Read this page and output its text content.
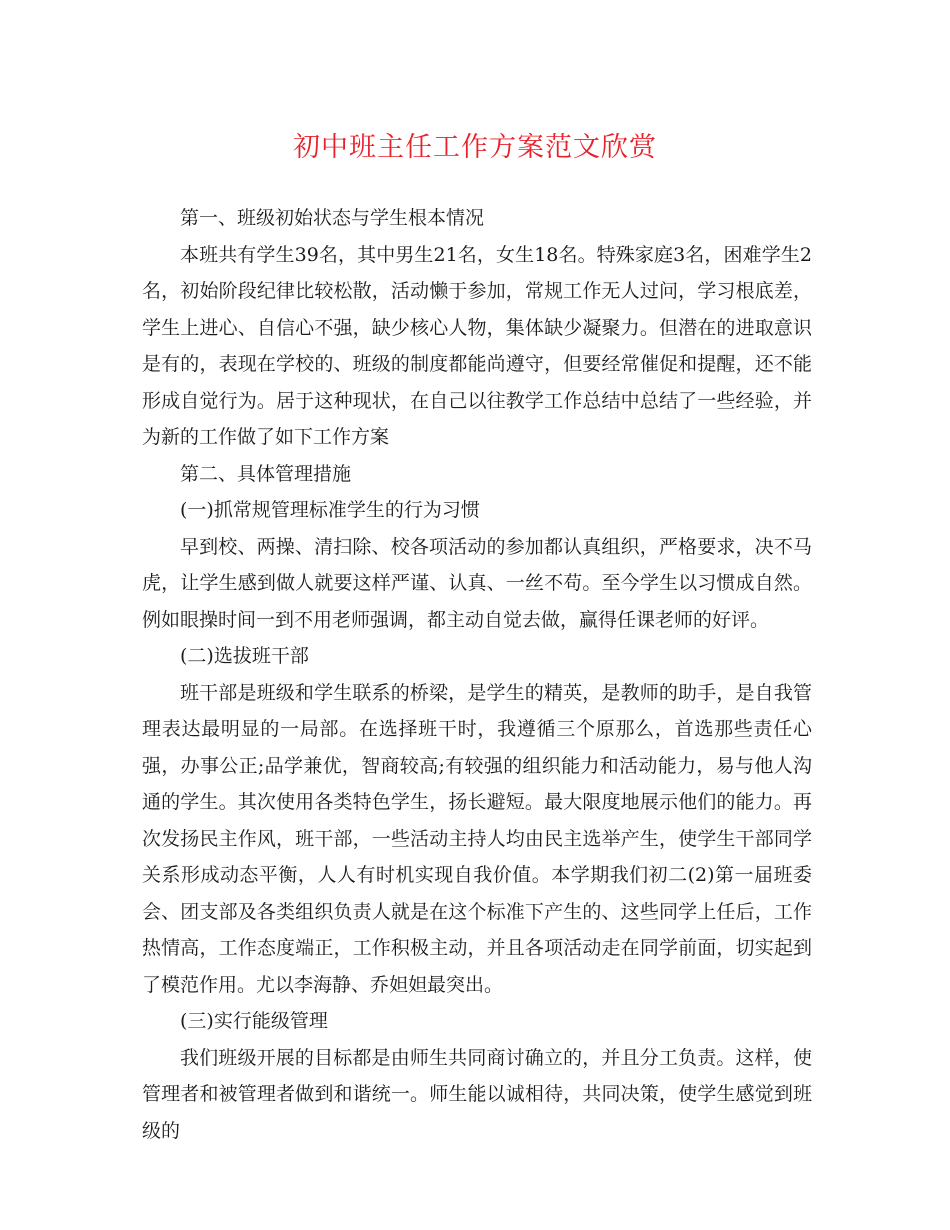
初中班主任工作方案范文欣赏

第一、班级初始状态与学生根本情况

本班共有学生39名，其中男生21名，女生18名。特殊家庭3名，困难学生2名，初始阶段纪律比较松散，活动懒于参加，常规工作无人过问，学习根底差，学生上进心、自信心不强，缺少核心人物，集体缺少凝聚力。但潜在的进取意识是有的，表现在学校的、班级的制度都能尚遵守，但要经常催促和提醒，还不能形成自觉行为。居于这种现状，在自己以往教学工作总结中总结了一些经验，并为新的工作做了如下工作方案

第二、具体管理措施

(一)抓常规管理标准学生的行为习惯

早到校、两操、清扫除、校各项活动的参加都认真组织，严格要求，决不马虎，让学生感到做人就要这样严谨、认真、一丝不苟。至今学生以习惯成自然。例如眼操时间一到不用老师强调，都主动自觉去做，赢得任课老师的好评。

(二)选拔班干部

班干部是班级和学生联系的桥梁，是学生的精英，是教师的助手，是自我管理表达最明显的一局部。在选择班干时，我遵循三个原那么，首选那些责任心强，办事公正;品学兼优，智商较高;有较强的组织能力和活动能力，易与他人沟通的学生。其次使用各类特色学生，扬长避短。最大限度地展示他们的能力。再次发扬民主作风，班干部，一些活动主持人均由民主选举产生，使学生干部同学关系形成动态平衡，人人有时机实现自我价值。本学期我们初二(2)第一届班委会、团支部及各类组织负责人就是在这个标准下产生的、这些同学上任后，工作热情高，工作态度端正，工作积极主动，并且各项活动走在同学前面，切实起到了模范作用。尤以李海静、乔妲妲最突出。

(三)实行能级管理

我们班级开展的目标都是由师生共同商讨确立的，并且分工负责。这样，使管理者和被管理者做到和谐统一。师生能以诚相待，共同决策，使学生感觉到班级的
